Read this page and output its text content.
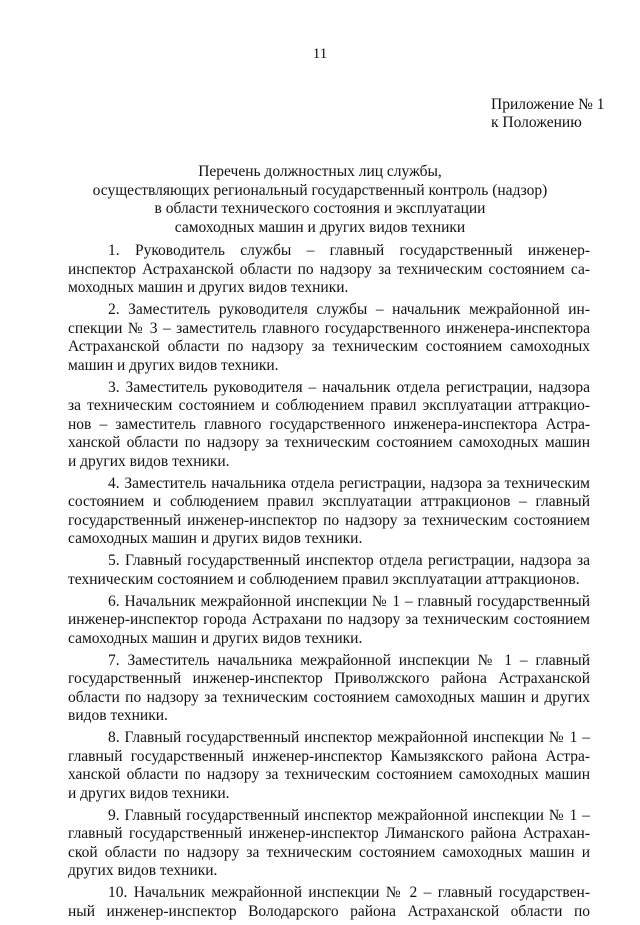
11
Приложение № 1
к Положению
Перечень должностных лиц службы,
осуществляющих региональный государственный контроль (надзор)
в области технического состояния и эксплуатации
самоходных машин и других видов техники
1. Руководитель службы – главный государственный инженер-
инспектор Астраханской области по надзору за техническим состоянием са-
моходных машин и других видов техники.
2. Заместитель руководителя службы – начальник межрайонной ин-
спекции № 3 – заместитель главного государственного инженера-инспектора
Астраханской области по надзору за техническим состоянием самоходных
машин и других видов техники.
3. Заместитель руководителя – начальник отдела регистрации, надзора
за техническим состоянием и соблюдением правил эксплуатации аттракцио-
нов – заместитель главного государственного инженера-инспектора Астра-
ханской области по надзору за техническим состоянием самоходных машин
и других видов техники.
4. Заместитель начальника отдела регистрации, надзора за техническим
состоянием и соблюдением правил эксплуатации аттракционов – главный
государственный инженер-инспектор по надзору за техническим состоянием
самоходных машин и других видов техники.
5. Главный государственный инспектор отдела регистрации, надзора за
техническим состоянием и соблюдением правил эксплуатации аттракционов.
6. Начальник межрайонной инспекции № 1 – главный государственный
инженер-инспектор города Астрахани по надзору за техническим состоянием
самоходных машин и других видов техники.
7. Заместитель начальника межрайонной инспекции № 1 – главный
государственный инженер-инспектор Приволжского района Астраханской
области по надзору за техническим состоянием самоходных машин и других
видов техники.
8. Главный государственный инспектор межрайонной инспекции № 1 –
главный государственный инженер-инспектор Камызякского района Астра-
ханской области по надзору за техническим состоянием самоходных машин
и других видов техники.
9. Главный государственный инспектор межрайонной инспекции № 1 –
главный государственный инженер-инспектор Лиманского района Астрахан-
ской области по надзору за техническим состоянием самоходных машин и
других видов техники.
10. Начальник межрайонной инспекции № 2 – главный государствен-
ный инженер-инспектор Володарского района Астраханской области по
